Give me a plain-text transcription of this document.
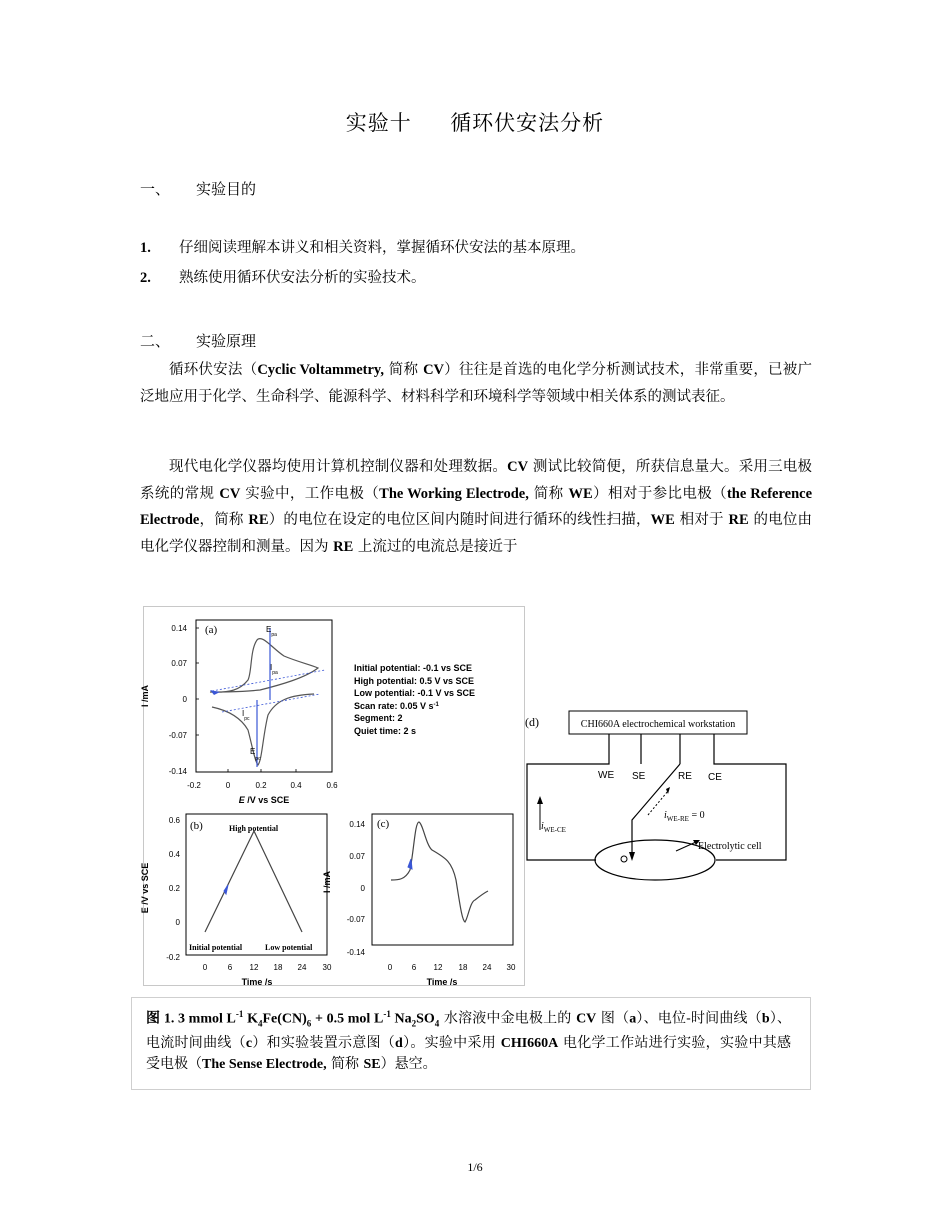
实验十 循环伏安法分析
一、 实验目的
1. 仔细阅读理解本讲义和相关资料，掌握循环伏安法的基本原理。
2. 熟练使用循环伏安法分析的实验技术。
二、 实验原理
循环伏安法（Cyclic Voltammetry, 简称 CV）往往是首选的电化学分析测试技术，非常重要，已被广泛地应用于化学、生命科学、能源科学、材料科学和环境科学等领域中相关体系的测试表征。
现代电化学仪器均使用计算机控制仪器和处理数据。CV 测试比较简便，所获信息量大。采用三电极系统的常规 CV 实验中，工作电极（The Working Electrode, 简称 WE）相对于参比电极（the Reference Electrode，简称 RE）的电位在设定的电位区间内随时间进行循环的线性扫描，WE 相对于 RE 的电位由电化学仪器控制和测量。因为 RE 上流过的电流总是接近于
(a)
0.14
0.07
0
-0.07
-0.14
-0.2	0	0.2	0.4	0.6
E /V vs SCE
I /mA
$E_{pa}$
$I_{pa}$
$I_{pc}$
$E_{pc}$
Initial potential: -0.1 vs SCE
High potential: 0.5 V vs SCE
Low potential: -0.1 V vs SCE
Scan rate: 0.05 V $s^{-1}$
Segment: 2
Quiet time: 2 s
(b)
0.6
0.4
0.2
0
-0.2
0	6 12 18 24 30
Time /s
E /V vs SCE
High potential
Initial potential	Low potential
(c)
0.14
0.07
0
-0.07
-0.14
0 6 12 18 24 30
Time /s
I /mA
(d)	CHI660A electrochemical workstation
WE SE	RE CE
$i_{WE-CE}$
$i_{WE-RE} = 0$
Electrolytic cell
图 1. 3 mmol $L^{-1}$ $K_4Fe(CN)_6 + 0.5$ mol $L^{-1}$ $Na_2SO_4$ 水溶液中金电极上的 CV 图（a）、电位-时间曲线（b）、电流时间曲线（c）和实验装置示意图（d）。实验中采用 CHI660A 电化学工作站进行实验，实验中其感受电极（The Sense Electrode, 简称 SE）悬空。
1/6
